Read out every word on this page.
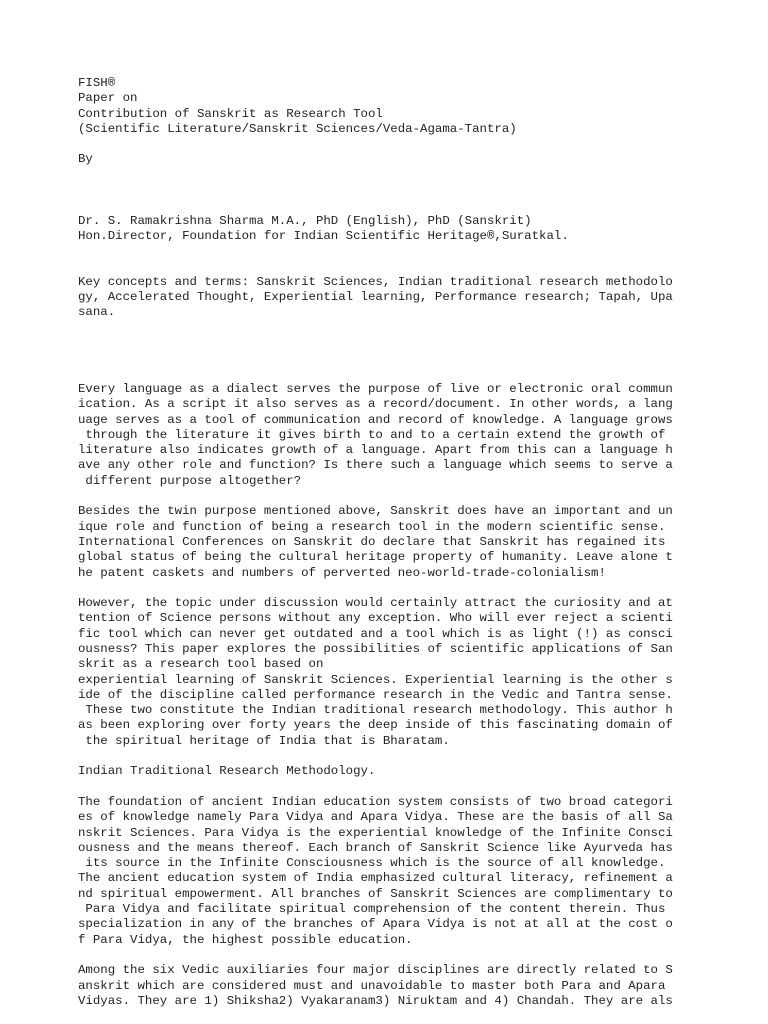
FISH®
Paper on
Contribution of Sanskrit as Research Tool
(Scientific Literature/Sanskrit Sciences/Veda-Agama-Tantra)
By
Dr. S. Ramakrishna Sharma M.A., PhD (English), PhD (Sanskrit)
Hon.Director, Foundation for Indian Scientific Heritage®,Suratkal.
Key concepts and terms: Sanskrit Sciences, Indian traditional research methodolo
gy, Accelerated Thought, Experiential learning, Performance research; Tapah, Upa
sana.
Every language as a dialect serves the purpose of live or electronic oral commun
ication. As a script it also serves as a record/document. In other words, a lang
uage serves as a tool of communication and record of knowledge. A language grows
through the literature it gives birth to and to a certain extend the growth of
literature also indicates growth of a language. Apart from this can a language h
ave any other role and function? Is there such a language which seems to serve a
different purpose altogether?
Besides the twin purpose mentioned above, Sanskrit does have an important and un
ique role and function of being a research tool in the modern scientific sense.
International Conferences on Sanskrit do declare that Sanskrit has regained its
global status of being the cultural heritage property of humanity. Leave alone t
he patent caskets and numbers of perverted neo-world-trade-colonialism!
However, the topic under discussion would certainly attract the curiosity and at
tention of Science persons without any exception. Who will ever reject a scienti
fic tool which can never get outdated and a tool which is as light (!) as consci
ousness? This paper explores the possibilities of scientific applications of San
skrit as a research tool based on
experiential learning of Sanskrit Sciences. Experiential learning is the other s
ide of the discipline called performance research in the Vedic and Tantra sense.
These two constitute the Indian traditional research methodology. This author h
as been exploring over forty years the deep inside of this fascinating domain of
the spiritual heritage of India that is Bharatam.
Indian Traditional Research Methodology.
The foundation of ancient Indian education system consists of two broad categori
es of knowledge namely Para Vidya and Apara Vidya. These are the basis of all Sa
nskrit Sciences. Para Vidya is the experiential knowledge of the Infinite Consci
ousness and the means thereof. Each branch of Sanskrit Science like Ayurveda has
its source in the Infinite Consciousness which is the source of all knowledge.
The ancient education system of India emphasized cultural literacy, refinement a
nd spiritual empowerment. All branches of Sanskrit Sciences are complimentary to
Para Vidya and facilitate spiritual comprehension of the content therein. Thus
specialization in any of the branches of Apara Vidya is not at all at the cost o
f Para Vidya, the highest possible education.
Among the six Vedic auxiliaries four major disciplines are directly related to S
anskrit which are considered must and unavoidable to master both Para and Apara
Vidyas. They are 1) Shiksha2) Vyakaranam3) Niruktam and 4) Chandah. They are als
